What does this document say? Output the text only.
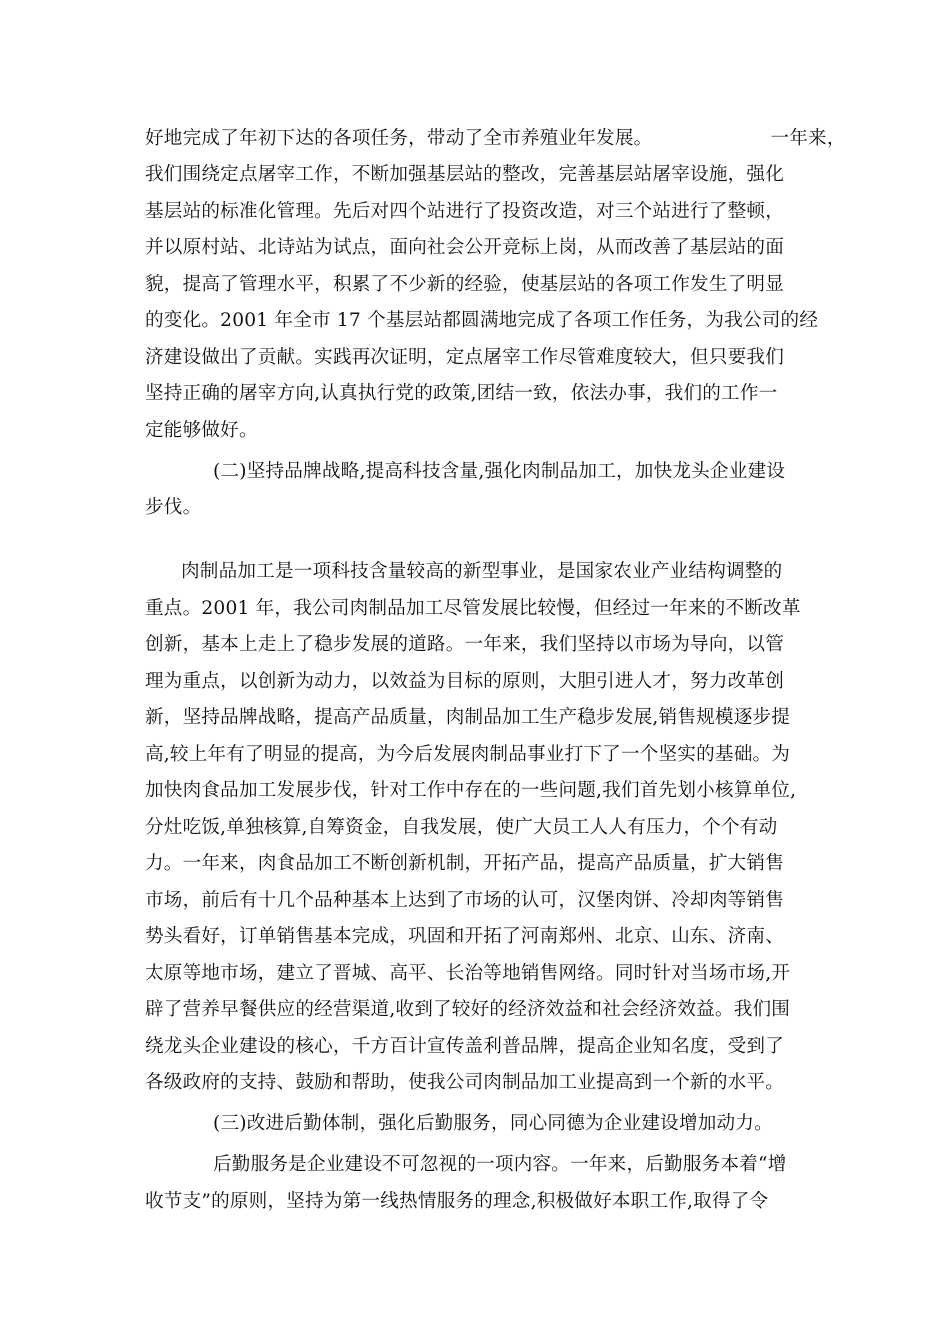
好地完成了年初下达的各项任务，带动了全市养殖业年发展。	一年来，
我们围绕定点屠宰工作，不断加强基层站的整改，完善基层站屠宰设施，强化
基层站的标准化管理。先后对四个站进行了投资改造，对三个站进行了整顿，
并以原村站、北诗站为试点，面向社会公开竞标上岗，从而改善了基层站的面
貌，提高了管理水平，积累了不少新的经验，使基层站的各项工作发生了明显
的变化。2001 年全市 17 个基层站都圆满地完成了各项工作任务，为我公司的经
济建设做出了贡献。实践再次证明，定点屠宰工作尽管难度较大，但只要我们
坚持正确的屠宰方向,认真执行党的政策,团结一致，依法办事，我们的工作一
定能够做好。
(二)坚持品牌战略,提高科技含量,强化肉制品加工，加快龙头企业建设
步伐。
肉制品加工是一项科技含量较高的新型事业，是国家农业产业结构调整的
重点。2001 年，我公司肉制品加工尽管发展比较慢，但经过一年来的不断改革
创新，基本上走上了稳步发展的道路。一年来，我们坚持以市场为导向，以管
理为重点，以创新为动力，以效益为目标的原则，大胆引进人才，努力改革创
新，坚持品牌战略，提高产品质量，肉制品加工生产稳步发展,销售规模逐步提
高,较上年有了明显的提高，为今后发展肉制品事业打下了一个坚实的基础。为
加快肉食品加工发展步伐，针对工作中存在的一些问题,我们首先划小核算单位,
分灶吃饭,单独核算,自筹资金，自我发展，使广大员工人人有压力，个个有动
力。一年来，肉食品加工不断创新机制，开拓产品，提高产品质量，扩大销售
市场，前后有十几个品种基本上达到了市场的认可，汉堡肉饼、冷却肉等销售
势头看好，订单销售基本完成，巩固和开拓了河南郑州、北京、山东、济南、
太原等地市场，建立了晋城、高平、长治等地销售网络。同时针对当场市场,开
辟了营养早餐供应的经营渠道,收到了较好的经济效益和社会经济效益。我们围
绕龙头企业建设的核心，千方百计宣传盖利普品牌，提高企业知名度，受到了
各级政府的支持、鼓励和帮助，使我公司肉制品加工业提高到一个新的水平。
(三)改进后勤体制，强化后勤服务，同心同德为企业建设增加动力。
后勤服务是企业建设不可忽视的一项内容。一年来，后勤服务本着“增
收节支”的原则，坚持为第一线热情服务的理念,积极做好本职工作,取得了令
